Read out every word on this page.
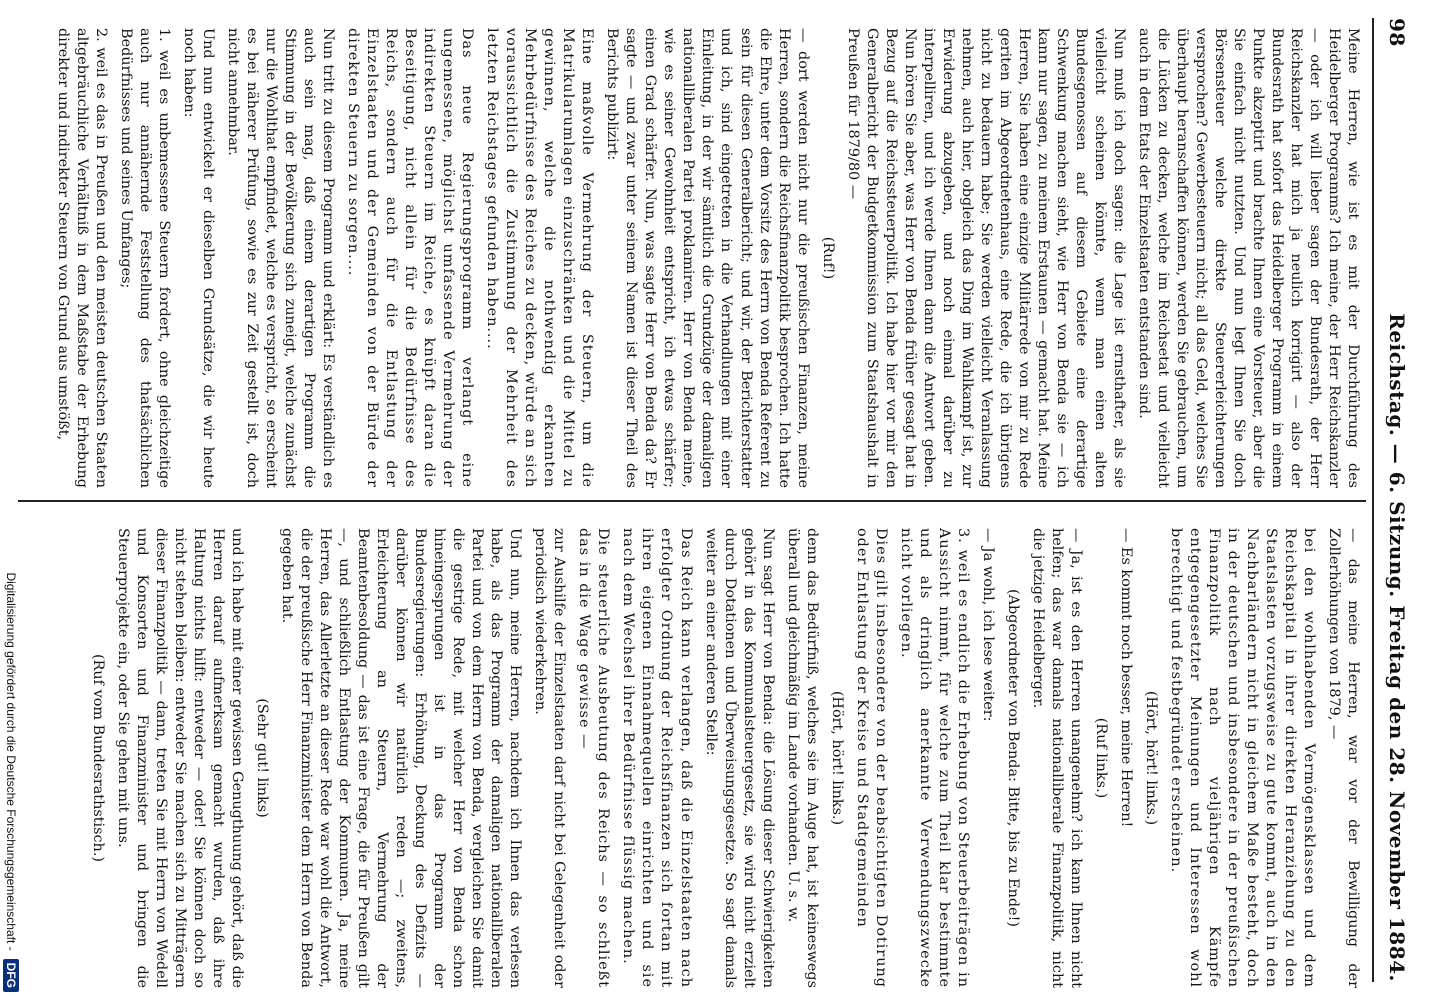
98
Reichstag. — 6. Sitzung. Freitag den 28. November 1884.

Meine Herren, wie ist es mit der Durchführung des Heidelberger Programms? Ich meine, der Herr Reichskanzler — oder ich will lieber sagen der Bundesrath, der Herr Reichskanzler hat mich ja neulich korrigirt — also der Bundesrath hat sofort das Heidelberger Programm in einem Punkte akzeptirt und brachte Ihnen eine Vorsteuer, aber die Sie einfach nicht nutzten. Und nun legt Ihnen Sie doch Börsensteuer welche direkte Steuererleichterungen versprochen? Gewerbesteuern nicht; all das Geld, welches Sie überhaupt heranschaffen können, werden Sie gebrauchen, um die Lücken zu decken, welche im Reichsetat und vielleicht auch in dem Etats der Einzelstaaten entstanden sind.

Nun muß ich doch sagen: die Lage ist ernsthafter, als sie vielleicht scheinen könnte, wenn man einen alten Bundesgenossen auf diesem Gebiete eine derartige Schwenkung machen sieht, wie Herr von Benda sie — ich kann nur sagen, zu meinem Erstaunen — gemacht hat. Meine Herren, Sie haben eine einzige Militärrede von mir zu Rede geriten im Abgeordnetenhaus, eine Rede, die ich übrigens nicht zu bedauern habe; Sie werden vielleicht Veranlassung nehmen, auch hier, obgleich das Ding im Wahlkampf ist, zur Erwiderung abzugeben, und noch einmal darüber zu interpelliren, und ich werde Ihnen dann die Antwort geben. Nun hören Sie aber, was Herr von Benda früher gesagt hat in Bezug auf die Reichssteuerpolitik. Ich habe hier vor mir den Generalbericht der Budgetkommission zum Staatshaushalt in Preußen für 1879/80 —

(Ruf!)

— dort werden nicht nur die preußischen Finanzen, meine Herren, sondern die Reichsfinanzpolitik besprochen. Ich hatte die Ehre, unter dem Vorsitz des Herrn von Benda Referent zu sein für diesen Generalbericht; und wir, der Berichterstatter und ich, sind eingetreten in die Verhandlungen mit einer Einleitung, in der wir sämtlich die Grundzüge der damaligen nationalliberalen Partei proklamiren. Herr von Benda meine, wie es seiner Gewohnheit entspricht, ich etwas schärfer; einen Grad schärfer. Nun, was sagte Herr von Benda da? Er sagte — und zwar unter seinem Namen ist dieser Theil des Berichts publizirt:

Eine maßvolle Vermehrung der Steuern, um die Matrikularumlagen einzuschränken und die Mittel zu gewinnen, welche die nothwendig erkannten Mehrbedürfnisse des Reiches zu decken, würde an sich voraussichtlich die Zustimmung der Mehrheit des letzten Reichstages gefunden haben....

Das neue Regierungsprogramm verlangt eine ungemessene, möglichst umfassende Vermehrung der indirekten Steuern im Reiche, es knüpft daran die Beseitigung, nicht allein für die Bedürfnisse des Reichs, sondern auch für die Entlastung der Einzelstaaten und der Gemeinden von der Bürde der direkten Steuern zu sorgen....

Nun tritt zu diesem Programm und erklärt: Es verständlich es auch sein mag, daß einem derartigen Programm die Stimmung in der Bevölkerung sich zuneigt, welche zunächst nur die Wohlthat empfindet, welche es verspricht, so erscheint es bei näherer Prüfung, sowie es zur Zeit gestellt ist, doch nicht annehmbar.

Und nun entwickelt er dieselben Grundsätze, die wir heute noch haben:

1. weil es unbemessene Steuern fordert, ohne gleichzeitige auch nur annähernde Feststellung des thatsächlichen Bedürfnisses und seines Umfanges;

2. weil es das in Preußen und den meisten deutschen Staaten altgebräuchliche Verhältniß in dem Maßstabe der Erhebung direkter und indirekter Steuern von Grund aus umstößt,

— das meine Herren, war vor der Bewilligung der Zollerhöhungen von 1879, —

bei den wohlhabenden Vermögensklassen und dem Reichskapital in ihrer direkten Heranziehung zu den Staatslasten vorzugsweise zu gute kommt, auch in den Nachbarländern nicht in gleichem Maße besteht, doch in der deutschen und insbesondere in der preußischen Finanzpolitik nach vieljährigen Kämpfe entgegengesetzter Meinungen und Interessen wohl berechtigt und festbegründet erscheinen.

(Hört, hört! links.)

— Es kommt noch besser, meine Herren!

(Ruf links.)

— Ja, ist es den Herren unangenehm? ich kann Ihnen nicht helfen; das war damals nationalliberale Finanzpolitik, nicht die jetzige Heidelberger.

(Abgeordneter von Benda: Bitte, bis zu Ende!)

— Ja wohl, ich lese weiter:

3. weil es endlich die Erhebung von Steuerbeiträgen in Aussicht nimmt, für welche zum Theil klar bestimmte und als dringlich anerkannte Verwendungszwecke nicht vorliegen.

Dies gilt insbesondere von der beabsichtigten Dotirung oder Entlastung der Kreise und Stadtgemeinden

(Hört, hört! links.)

denn das Bedürfniß, welches sie im Auge hat, ist keineswegs überall und gleichmäßig im Lande vorhanden. U. s. w.

Nun sagt Herr von Benda: die Lösung dieser Schwierigkeiten gehört in das Kommunalsteuergesetz, sie wird nicht erzielt durch Dotationen und Überweisungsgesetze. So sagt damals weiter an einer anderen Stelle:

Das Reich kann verlangen, daß die Einzelstaaten nach erfolgter Ordnung der Reichsfinanzen sich fortan mit ihren eigenen Einnahmequellen einrichten und sie nach dem Wechsel ihrer Bedürfnisse flüssig machen.

Die steuerliche Ausbeutung des Reichs — so schließt das in die Wage gewisse —

zur Aushilfe der Einzelstaaten darf nicht bei Gelegenheit oder periodisch wiederkehren.

Und nun, meine Herren, nachdem ich Ihnen das verlesen habe, als das Programm der damaligen nationalliberalen Partei und von dem Herrn von Benda, vergleichen Sie damit die gestrige Rede, mit welcher Herr von Benda schon hineingesprungen ist in das Programm der Bundesregierungen: Erhöhung, Deckung des Defizits — darüber können wir natürlich reden —; zweitens, Erleichterung an Steuern, Vermehrung der Beamtenbesoldung — das ist eine Frage, die für Preußen gilt —, und schließlich Entlastung der Kommunen. Ja, meine Herren, das Allerletzte an dieser Rede war wohl die Antwort, die der preußische Herr Finanzminister dem Herrn von Benda gegeben hat.

(Sehr gut! links)

und ich habe mit einer gewissen Genugthuung gehört, daß die Herren darauf aufmerksam gemacht wurden, daß ihre Haltung nichts hilft: entweder — oder! Sie können doch so nicht stehen bleiben: entweder Sie machen sich zu Mitträgern dieser Finanzpolitik — dann, treten Sie mit Herrn von Wedell und Konsorten und Finanzminister und bringen die Steuerprojekte ein, oder Sie gehen mit uns.

(Ruf vom Bundesrathstisch.)

Digitalisierung gefördert durch die Deutsche Forschungsgemeinschaft -
DFG
